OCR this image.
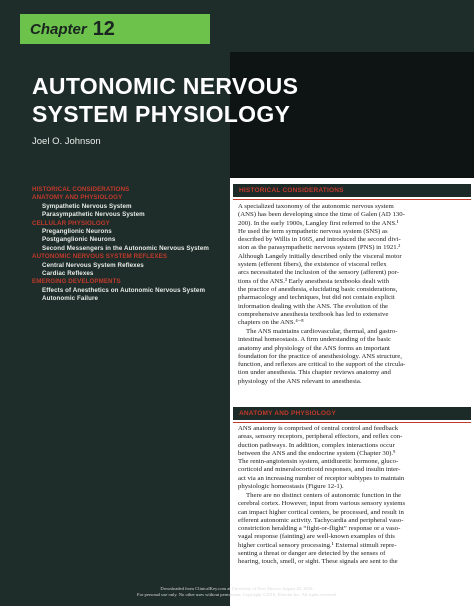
Chapter 12
AUTONOMIC NERVOUS
SYSTEM PHYSIOLOGY
Joel O. Johnson
HISTORICAL CONSIDERATIONS
ANATOMY AND PHYSIOLOGY
Sympathetic Nervous System
Parasympathetic Nervous System
CELLULAR PHYSIOLOGY
Preganglionic Neurons
Postganglionic Neurons
Second Messengers in the Autonomic Nervous System
AUTONOMIC NERVOUS SYSTEM REFLEXES
Central Nervous System Reflexes
Cardiac Reflexes
EMERGING DEVELOPMENTS
Effects of Anesthetics on Autonomic Nervous System
Autonomic Failure
HISTORICAL CONSIDERATIONS
A specialized taxonomy of the autonomic nervous system
(ANS) has been developing since the time of Galen (AD 130-
200). In the early 1900s, Langley first referred to the ANS.¹
He used the term sympathetic nervous system (SNS) as
described by Willis in 1665, and introduced the second divi-
sion as the parasympathetic nervous system (PNS) in 1921.²
Although Langely initially described only the visceral motor
system (efferent fibers), the existence of visceral reflex
arcs necessitated the inclusion of the sensory (afferent) por-
tions of the ANS.³ Early anesthesia textbooks dealt with
the practice of anesthesia, elucidating basic considerations,
pharmacology and techniques, but did not contain explicit
information dealing with the ANS. The evolution of the
comprehensive anesthesia textbook has led to extensive
chapters on the ANS.⁴⁻⁸
The ANS maintains cardiovascular, thermal, and gastro-
intestinal homeostasis. A firm understanding of the basic
anatomy and physiology of the ANS forms an important
foundation for the practice of anesthesiology. ANS structure,
function, and reflexes are critical to the support of the circula-
tion under anesthesia. This chapter reviews anatomy and
physiology of the ANS relevant to anesthesia.
ANATOMY AND PHYSIOLOGY
ANS anatomy is comprised of central control and feedback
areas, sensory receptors, peripheral effectors, and reflex con-
duction pathways. In addition, complex interactions occur
between the ANS and the endocrine system (Chapter 30).⁹
The renin-angiotensin system, antidiuretic hormone, gluco-
corticoid and mineralocorticoid responses, and insulin inter-
act via an increasing number of receptor subtypes to maintain
physiologic homeostasis (Figure 12-1).
There are no distinct centers of autonomic function in the
cerebral cortex. However, input from various sensory systems
can impact higher cortical centers, be processed, and result in
efferent autonomic activity. Tachycardia and peripheral vaso-
constriction heralding a “fight-or-flight” response or a vaso-
vagal response (fainting) are well-known examples of this
higher cortical sensory processing.¹ External stimuli repre-
senting a threat or danger are detected by the senses of
hearing, touch, smell, or sight. These signals are sent to the
Downloaded from ClinicalKey.com at University of New Mexico August 20, 2016.
For personal use only. No other uses without permission. Copyright ©2016. Elsevier Inc. All rights reserved.
